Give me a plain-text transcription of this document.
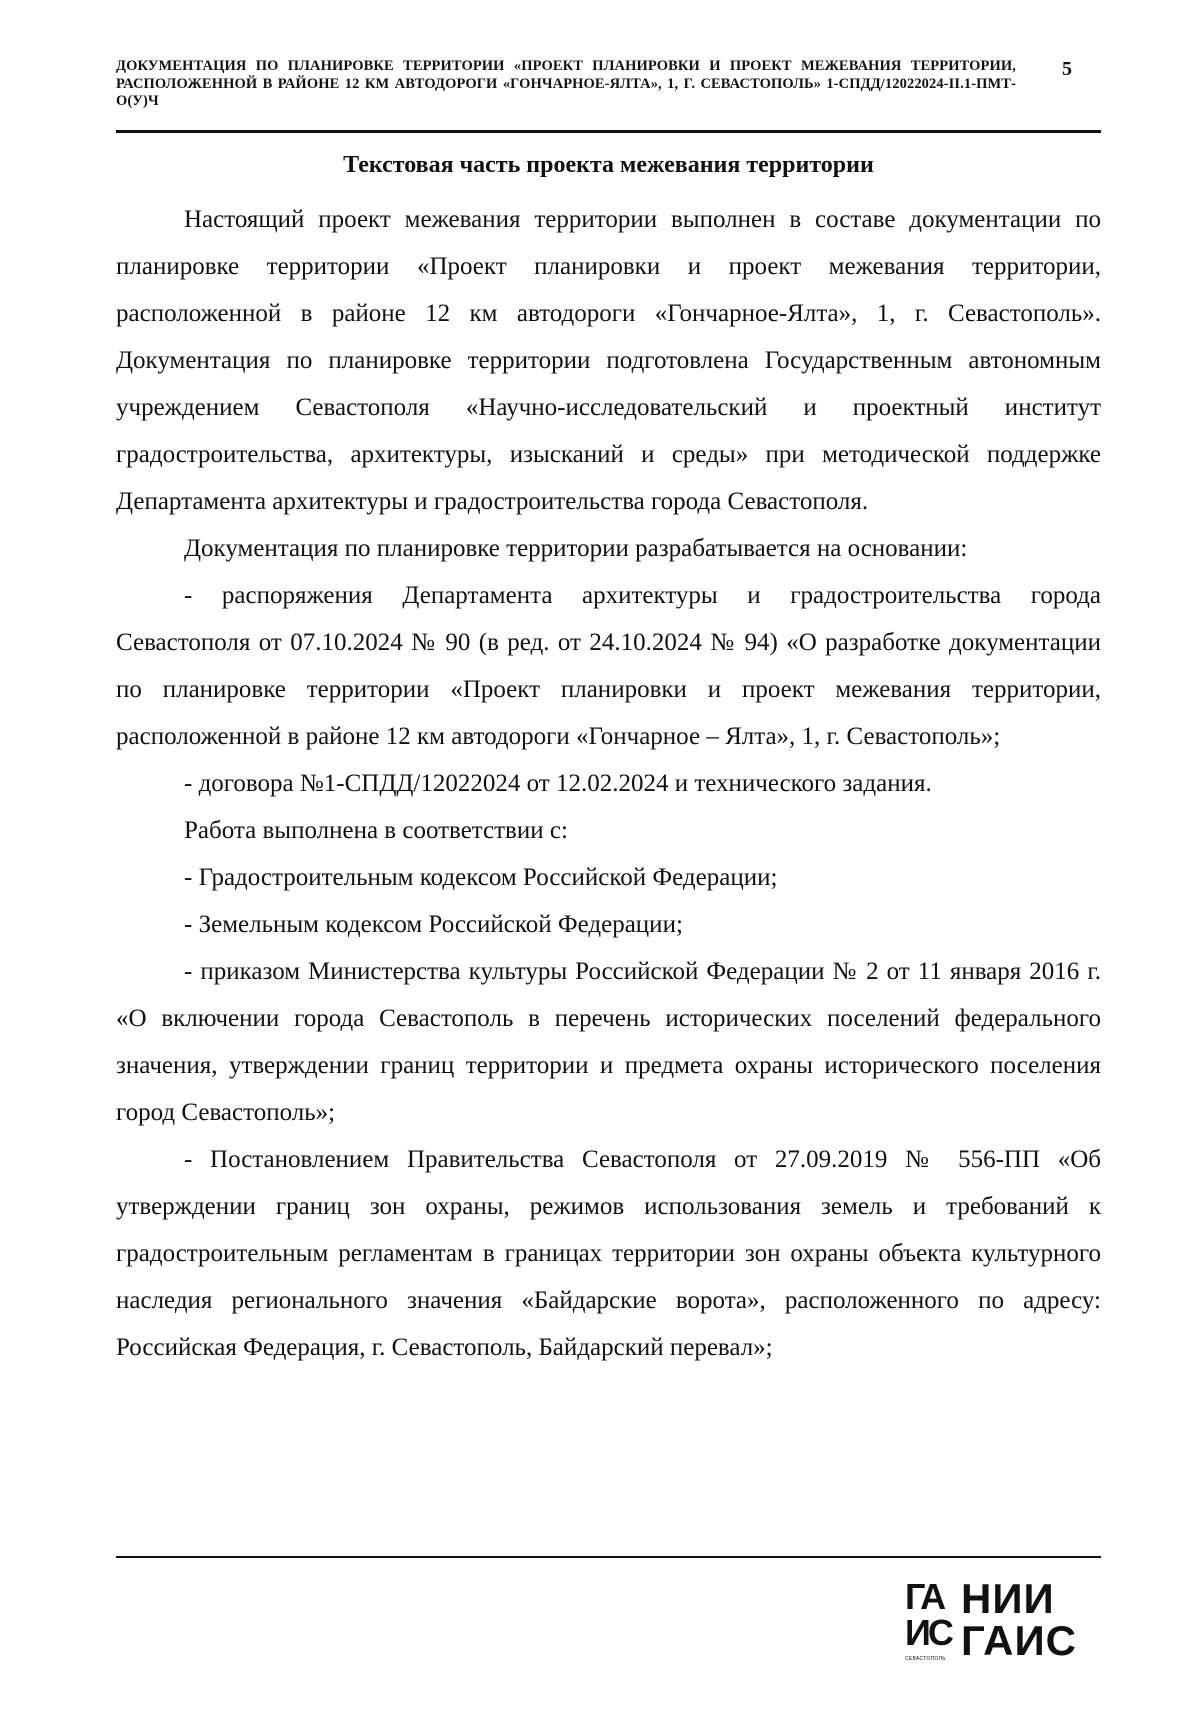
ДОКУМЕНТАЦИЯ ПО ПЛАНИРОВКЕ ТЕРРИТОРИИ «ПРОЕКТ ПЛАНИРОВКИ И ПРОЕКТ МЕЖЕВАНИЯ ТЕРРИТОРИИ, РАСПОЛОЖЕННОЙ В РАЙОНЕ 12 КМ АВТОДОРОГИ «ГОНЧАРНОЕ-ЯЛТА», 1, Г. СЕВАСТОПОЛЬ» 1-СПДД/12022024-II.1-ПМТ-О(У)Ч
5
Текстовая часть проекта межевания территории

Настоящий проект межевания территории выполнен в составе документации по планировке территории «Проект планировки и проект межевания территории, расположенной в районе 12 км автодороги «Гончарное-Ялта», 1, г. Севастополь». Документация по планировке территории подготовлена Государственным автономным учреждением Севастополя «Научно-исследовательский и проектный институт градостроительства, архитектуры, изысканий и среды» при методической поддержке Департамента архитектуры и градостроительства города Севастополя.

Документация по планировке территории разрабатывается на основании:

- распоряжения Департамента архитектуры и градостроительства города Севастополя от 07.10.2024 № 90 (в ред. от 24.10.2024 № 94) «О разработке документации по планировке территории «Проект планировки и проект межевания территории, расположенной в районе 12 км автодороги «Гончарное – Ялта», 1, г. Севастополь»;

- договора №1-СПДД/12022024 от 12.02.2024 и технического задания.

Работа выполнена в соответствии с:

- Градостроительным кодексом Российской Федерации;

- Земельным кодексом Российской Федерации;

- приказом Министерства культуры Российской Федерации № 2 от 11 января 2016 г. «О включении города Севастополь в перечень исторических поселений федерального значения, утверждении границ территории и предмета охраны исторического поселения город Севастополь»;

- Постановлением Правительства Севастополя от 27.09.2019 № 556-ПП «Об утверждении границ зон охраны, режимов использования земель и требований к градостроительным регламентам в границах территории зон охраны объекта культурного наследия регионального значения «Байдарские ворота», расположенного по адресу: Российская Федерация, г. Севастополь, Байдарский перевал»;

ГА
ИС
СЕВАСТОПОЛЬ
НИИ
ГАИС
